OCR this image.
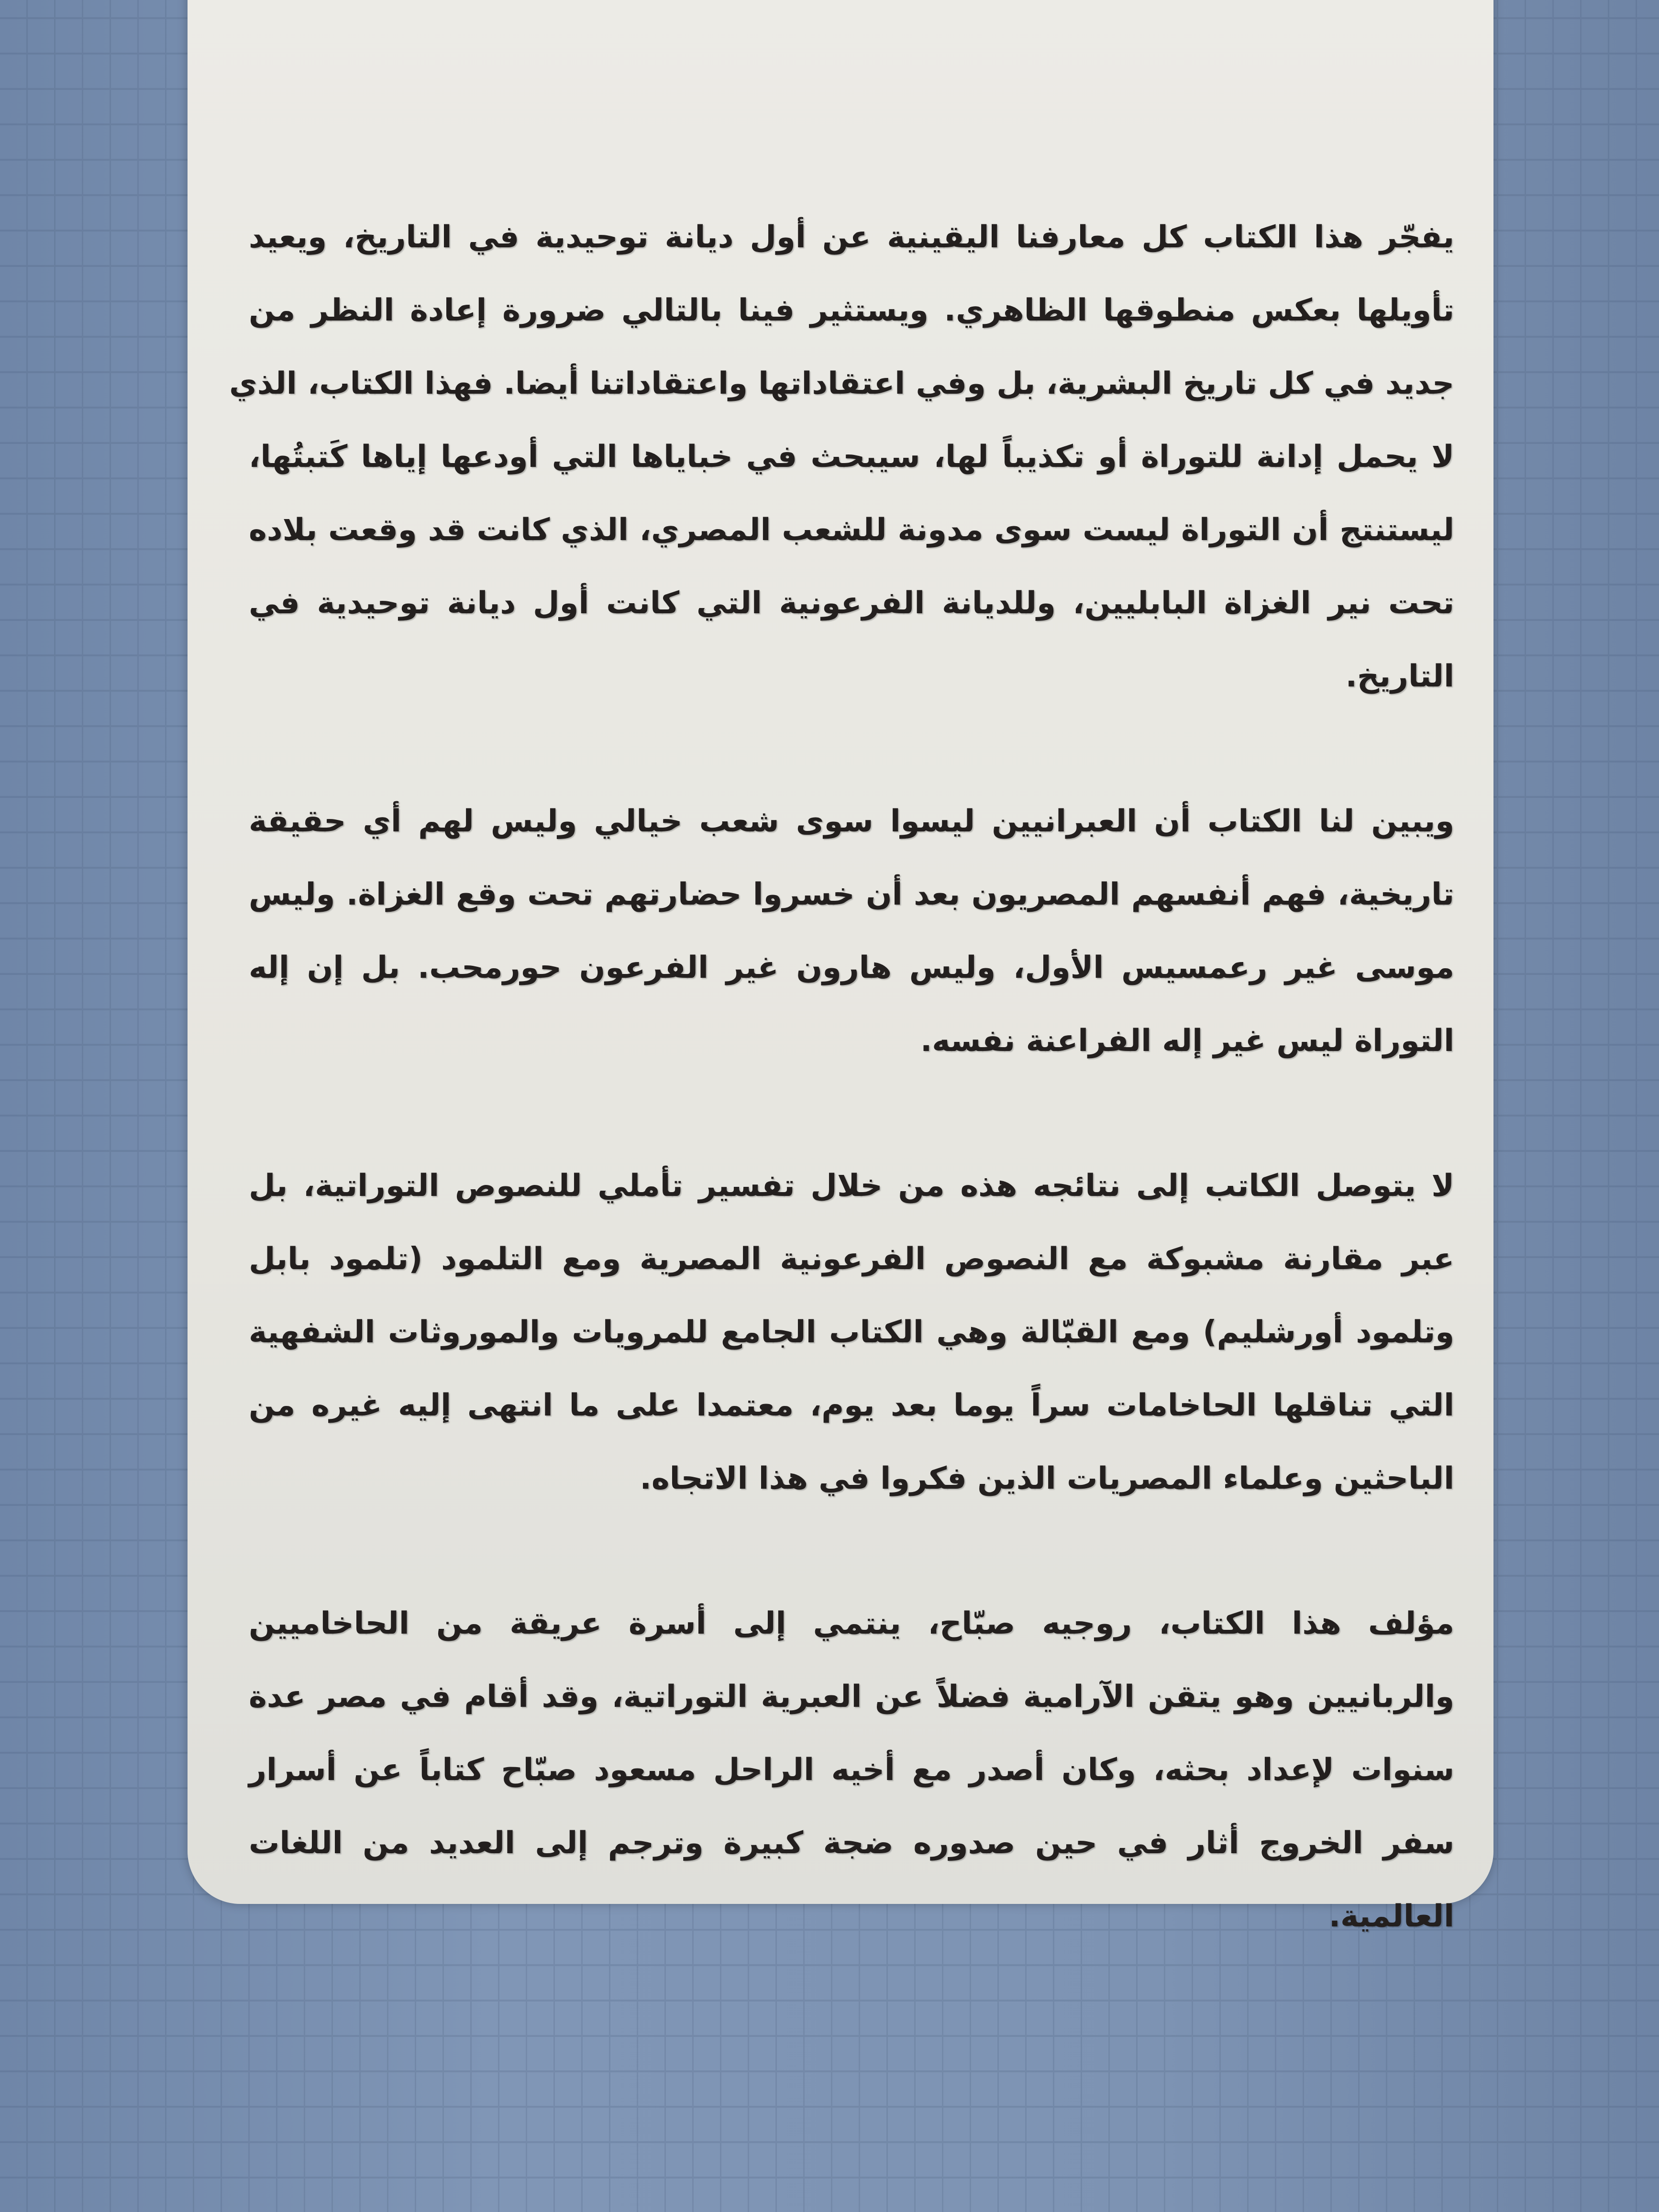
يفجّر هذا الكتاب كل معارفنا اليقينية عن أول ديانة توحيدية في التاريخ، ويعيد
تأويلها بعكس منطوقها الظاهري. ويستثير فينا بالتالي ضرورة إعادة النظر من
جديد في كل تاريخ البشرية، بل وفي اعتقاداتها واعتقاداتنا أيضا. فهذا الكتاب، الذي
لا يحمل إدانة للتوراة أو تكذيباً لها، سيبحث في خباياها التي أودعها إياها كَتبتُها،
ليستنتج أن التوراة ليست سوى مدونة للشعب المصري، الذي كانت قد وقعت بلاده
تحت نير الغزاة البابليين، وللديانة الفرعونية التي كانت أول ديانة توحيدية في
التاريخ.
ويبين لنا الكتاب أن العبرانيين ليسوا سوى شعب خيالي وليس لهم أي حقيقة
تاريخية، فهم أنفسهم المصريون بعد أن خسروا حضارتهم تحت وقع الغزاة. وليس
موسى غير رعمسيس الأول، وليس هارون غير الفرعون حورمحب. بل إن إله
التوراة ليس غير إله الفراعنة نفسه.
لا يتوصل الكاتب إلى نتائجه هذه من خلال تفسير تأملي للنصوص التوراتية، بل
عبر مقارنة مشبوكة مع النصوص الفرعونية المصرية ومع التلمود (تلمود بابل
وتلمود أورشليم) ومع القبّالة وهي الكتاب الجامع للمرويات والموروثات الشفهية
التي تناقلها الحاخامات سراً يوما بعد يوم، معتمدا على ما انتهى إليه غيره من
الباحثين وعلماء المصريات الذين فكروا في هذا الاتجاه.
مؤلف هذا الكتاب، روجيه صبّاح، ينتمي إلى أسرة عريقة من الحاخاميين
والربانيين وهو يتقن الآرامية فضلاً عن العبرية التوراتية، وقد أقام في مصر عدة
سنوات لإعداد بحثه، وكان أصدر مع أخيه الراحل مسعود صبّاح كتاباً عن أسرار
سفر الخروج أثار في حين صدوره ضجة كبيرة وترجم إلى العديد من اللغات
العالمية.
